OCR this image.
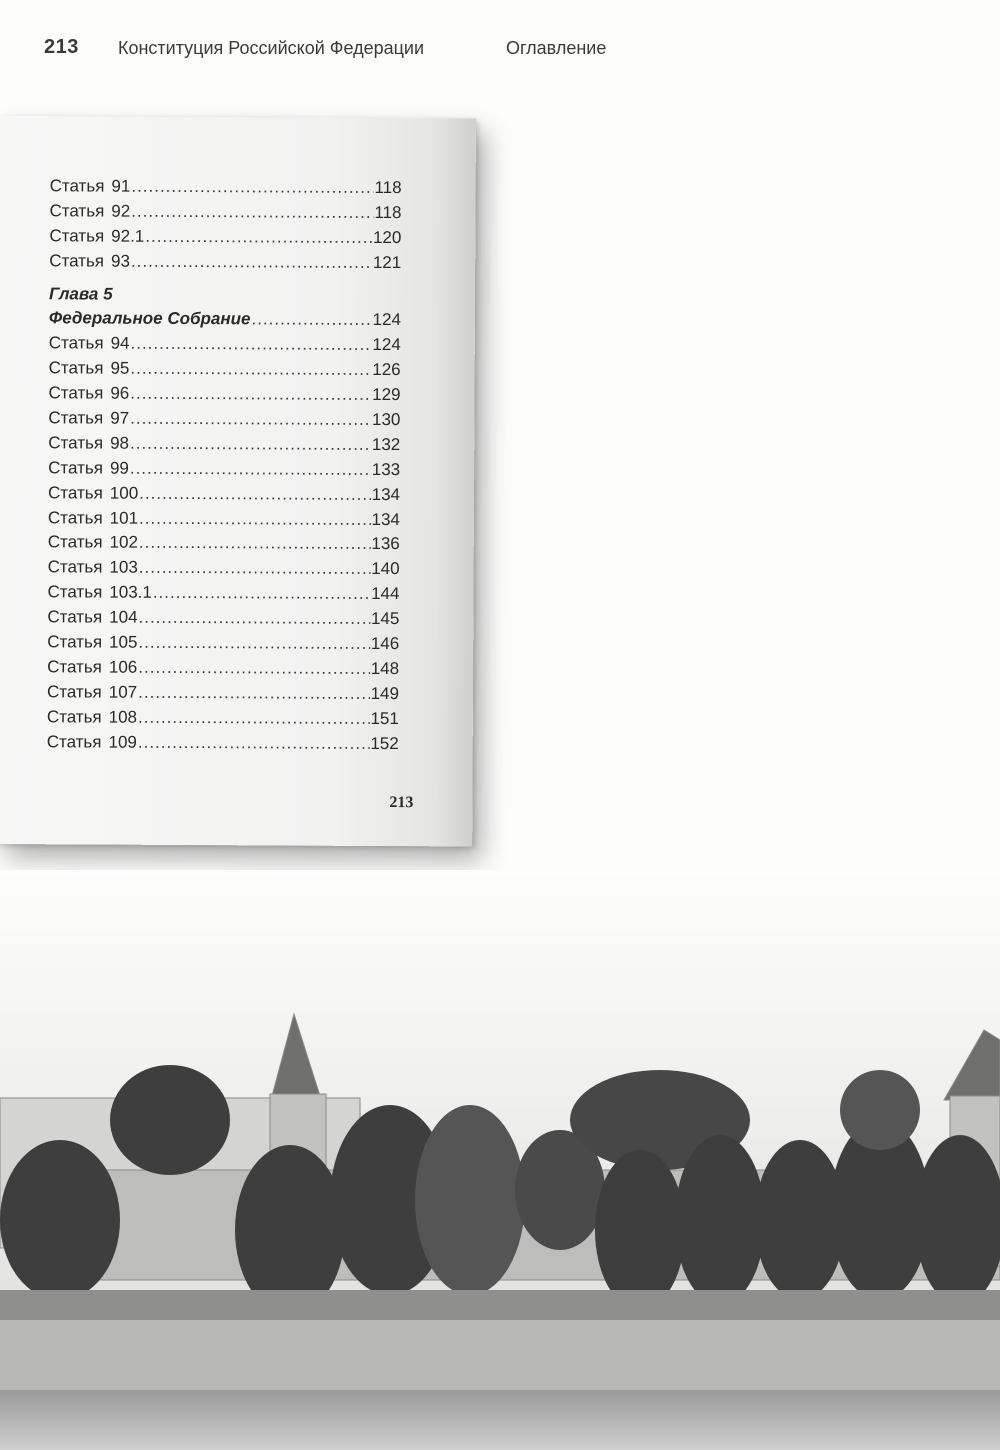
213 Конституция Российской Федерации	Оглавление
Статья 91 .....	118
Статья 92 .....	118
Статья 92.1 .....	120
Статья 93 .....	121
Глава 5
Федеральное Собрание .....	124
Статья 94 .....	124
Статья 95 .....	126
Статья 96 .....	129
Статья 97 .....	130
Статья 98 .....	132
Статья 99 .....	133
Статья 100 .....	134
Статья 101 .....	134
Статья 102 .....	136
Статья 103 .....	140
Статья 103.1 .....	144
Статья 104 .....	145
Статья 105 .....	146
Статья 106 .....	148
Статья 107 .....	149
Статья 108 .....	151
Статья 109 .....	152
213
